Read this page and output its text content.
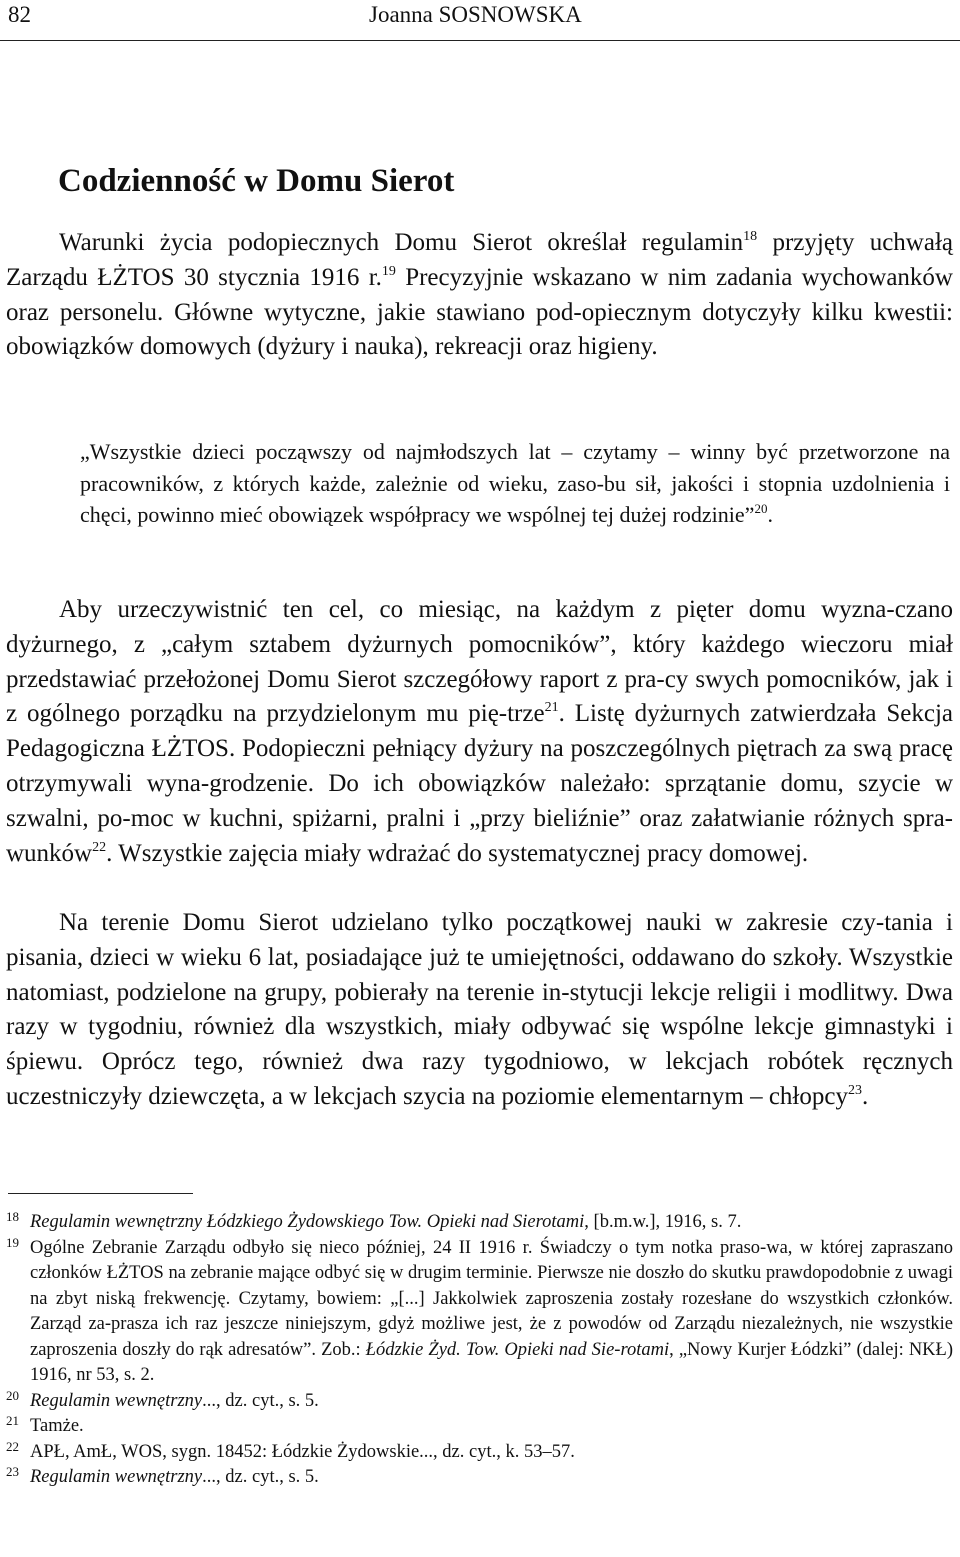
82	Joanna SOSNOWSKA
Codzienność w Domu Sierot

Warunki życia podopiecznych Domu Sierot określał regulamin$^{18}$ przyjęty uchwałą Zarządu ŁŻTOS 30 stycznia 1916 r.$^{19}$ Precyzyjnie wskazano w nim zadania wychowanków oraz personelu. Główne wytyczne, jakie stawiano pod-opiecznym dotyczyły kilku kwestii: obowiązków domowych (dyżury i nauka), rekreacji oraz higieny.

„Wszystkie dzieci począwszy od najmłodszych lat – czytamy – winny być przetworzone na pracowników, z których każde, zależnie od wieku, zaso-bu sił, jakości i stopnia uzdolnienia i chęci, powinno mieć obowiązek współpracy we wspólnej tej dużej rodzinie”$^{20}$.

Aby urzeczywistnić ten cel, co miesiąc, na każdym z pięter domu wyzna-czano dyżurnego, z „całym sztabem dyżurnych pomocników”, który każdego wieczoru miał przedstawiać przełożonej Domu Sierot szczegółowy raport z pra-cy swych pomocników, jak i z ogólnego porządku na przydzielonym mu pię-trze$^{21}$. Listę dyżurnych zatwierdzała Sekcja Pedagogiczna ŁŻTOS. Podopieczni pełniący dyżury na poszczególnych piętrach za swą pracę otrzymywali wyna-grodzenie. Do ich obowiązków należało: sprzątanie domu, szycie w szwalni, po-moc w kuchni, spiżarni, pralni i „przy bieliźnie” oraz załatwianie różnych spra-wunków$^{22}$. Wszystkie zajęcia miały wdrażać do systematycznej pracy domowej.

Na terenie Domu Sierot udzielano tylko początkowej nauki w zakresie czy-tania i pisania, dzieci w wieku 6 lat, posiadające już te umiejętności, oddawano do szkoły. Wszystkie natomiast, podzielone na grupy, pobierały na terenie in-stytucji lekcje religii i modlitwy. Dwa razy w tygodniu, również dla wszystkich, miały odbywać się wspólne lekcje gimnastyki i śpiewu. Oprócz tego, również dwa razy tygodniowo, w lekcjach robótek ręcznych uczestniczyły dziewczęta, a w lekcjach szycia na poziomie elementarnym – chłopcy$^{23}$.

18 Regulamin wewnętrzny Łódzkiego Żydowskiego Tow. Opieki nad Sierotami, [b.m.w.], 1916, s. 7.

19 Ogólne Zebranie Zarządu odbyło się nieco później, 24 II 1916 r. Świadczy o tym notka praso-wa, w której zapraszano członków ŁŻTOS na zebranie mające odbyć się w drugim terminie. Pierwsze nie doszło do skutku prawdopodobnie z uwagi na zbyt niską frekwencję. Czytamy, bowiem: „[...] Jakkolwiek zaproszenia zostały rozesłane do wszystkich członków. Zarząd za-prasza ich raz jeszcze niniejszym, gdyż możliwe jest, że z powodów od Zarządu niezależnych, nie wszystkie zaproszenia doszły do rąk adresatów”. Zob.: Łódzkie Żyd. Tow. Opieki nad Sie-rotami, „Nowy Kurjer Łódzki” (dalej: NKŁ) 1916, nr 53, s. 2.

20 Regulamin wewnętrzny..., dz. cyt., s. 5.

21 Tamże.

22 APŁ, AmŁ, WOS, sygn. 18452: Łódzkie Żydowskie..., dz. cyt., k. 53–57.

23 Regulamin wewnętrzny..., dz. cyt., s. 5.
